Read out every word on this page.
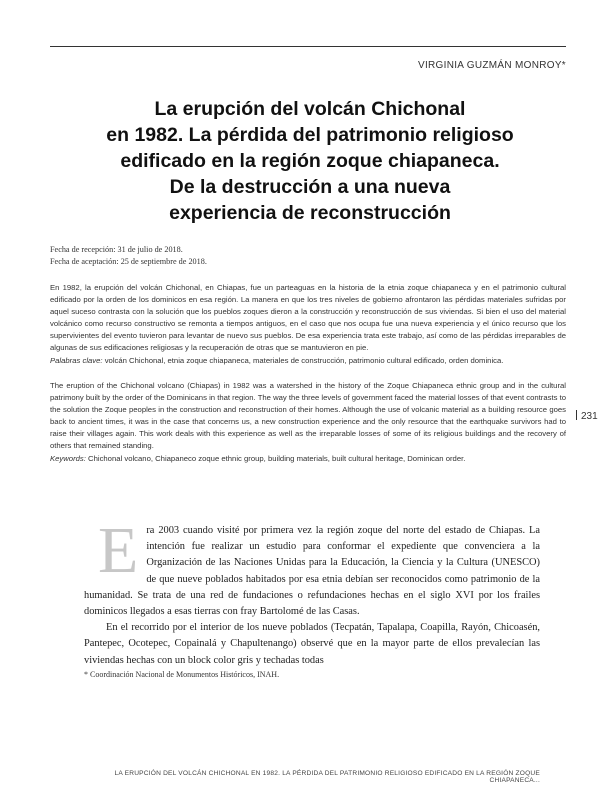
VIRGINIA GUZMÁN MONROY*
La erupción del volcán Chichonal
en 1982. La pérdida del patrimonio religioso
edificado en la región zoque chiapaneca.
De la destrucción a una nueva
experiencia de reconstrucción
Fecha de recepción: 31 de julio de 2018.
Fecha de aceptación: 25 de septiembre de 2018.
En 1982, la erupción del volcán Chichonal, en Chiapas, fue un parteaguas en la historia de la etnia zoque chiapaneca y en el patrimonio cultural edificado por la orden de los dominicos en esa región. La manera en que los tres niveles de gobierno afrontaron las pérdidas materiales sufridas por aquel suceso contrasta con la solución que los pueblos zoques dieron a la construcción y reconstrucción de sus viviendas. Si bien el uso del material volcánico como recurso constructivo se remonta a tiempos antiguos, en el caso que nos ocupa fue una nueva experiencia y el único recurso que los supervivientes del evento tuvieron para levantar de nuevo sus pueblos. De esa experiencia trata este trabajo, así como de las pérdidas irreparables de algunas de sus edificaciones religiosas y la recuperación de otras que se mantuvieron en pie.
Palabras clave: volcán Chichonal, etnia zoque chiapaneca, materiales de construcción, patrimonio cultural edificado, orden dominica.
The eruption of the Chichonal volcano (Chiapas) in 1982 was a watershed in the history of the Zoque Chiapaneca ethnic group and in the cultural patrimony built by the order of the Dominicans in that region. The way the three levels of government faced the material losses of that event contrasts to the solution the Zoque peoples in the construction and reconstruction of their homes. Although the use of volcanic material as a building resource goes back to ancient times, it was in the case that concerns us, a new construction experience and the only resource that the earthquake survivors had to raise their villages again. This work deals with this experience as well as the irreparable losses of some of its religious buildings and the recovery of others that remained standing.
Keywords: Chichonal volcano, Chiapaneco zoque ethnic group, building materials, built cultural heritage, Dominican order.
231

E ra 2003 cuando visité por primera vez la región zoque del norte del estado de Chiapas. La intención fue realizar un estudio para conformar el expediente que convenciera a la Organización de las Naciones Unidas para la Educación, la Ciencia y la Cultura (UNESCO) de que nueve poblados habitados por esa etnia debían ser reconocidos como patrimonio de la humanidad. Se trata de una red de fundaciones o refundaciones hechas en el siglo XVI por los frailes dominicos llegados a esas tierras con fray Bartolomé de las Casas.

En el recorrido por el interior de los nueve poblados (Tecpatán, Tapalapa, Coapilla, Rayón, Chicoasén, Pantepec, Ocotepec, Copainalá y Chapultenango) observé que en la mayor parte de ellos prevalecían las viviendas hechas con un block color gris y techadas todas

* Coordinación Nacional de Monumentos Históricos, INAH.
LA ERUPCIÓN DEL VOLCÁN CHICHONAL EN 1982. LA PÉRDIDA DEL PATRIMONIO RELIGIOSO EDIFICADO EN LA REGIÓN ZOQUE CHIAPANECA...
